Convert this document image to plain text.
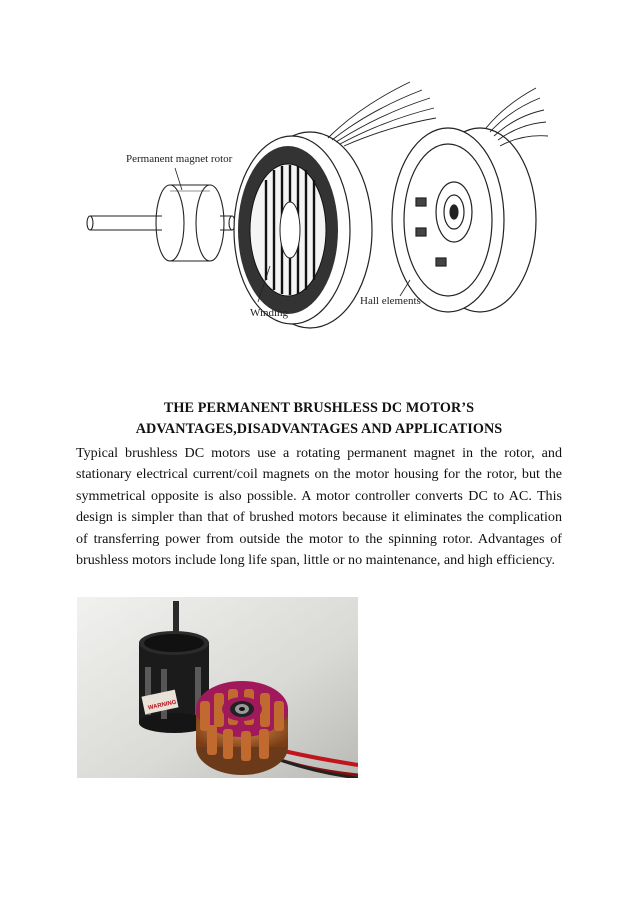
Permanent magnet rotor
Winding
Hall elements
THE PERMANENT BRUSHLESS DC MOTOR’S
ADVANTAGES,DISADVANTAGES AND APPLICATIONS
Typical brushless DC motors use a rotating permanent magnet in the rotor, and stationary electrical current/coil magnets on the motor housing for the rotor, but the symmetrical opposite is also possible. A motor controller converts DC to AC. This design is simpler than that of brushed motors because it eliminates the complication of transferring power from outside the motor to the spinning rotor. Advantages of brushless motors include long life span, little or no maintenance, and high efficiency.
WARNING
